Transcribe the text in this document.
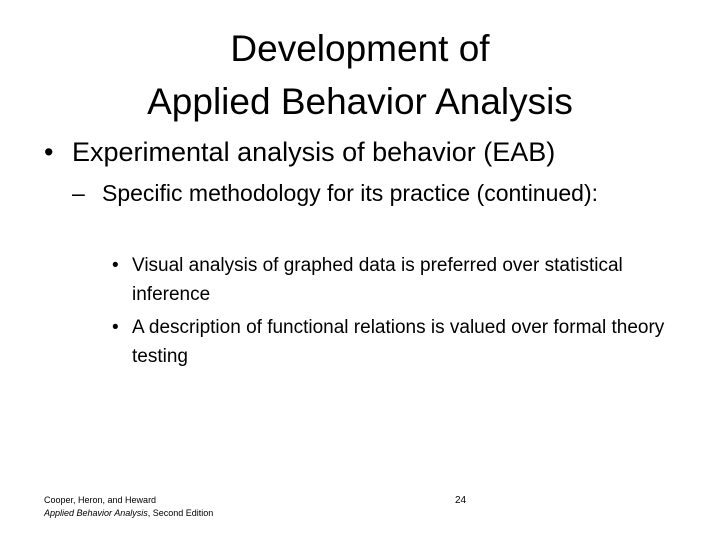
Development of
Applied Behavior Analysis
• Experimental analysis of behavior (EAB)
– Specific methodology for its practice (continued):
• Visual analysis of graphed data is preferred over statistical inference
• A description of functional relations is valued over formal theory testing
Cooper, Heron, and Heward
Applied Behavior Analysis, Second Edition
24
